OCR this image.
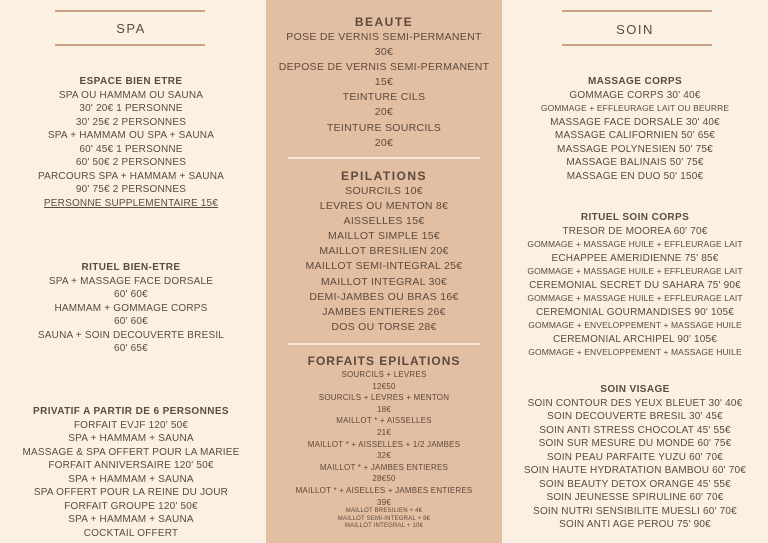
SPA
ESPACE BIEN ETRE
SPA OU HAMMAM OU SAUNA
30' 20€ 1 PERSONNE
30' 25€ 2 PERSONNES
SPA + HAMMAM OU SPA + SAUNA
60' 45€ 1 PERSONNE
60' 50€ 2 PERSONNES
PARCOURS SPA + HAMMAM + SAUNA
90' 75€ 2 PERSONNES
PERSONNE SUPPLEMENTAIRE 15€
RITUEL BIEN-ETRE
SPA + MASSAGE FACE DORSALE
60' 60€
HAMMAM + GOMMAGE CORPS
60' 60€
SAUNA + SOIN DECOUVERTE BRESIL
60' 65€
PRIVATIF A PARTIR DE 6 PERSONNES
FORFAIT EVJF 120' 50€
SPA + HAMMAM + SAUNA
MASSAGE & SPA OFFERT POUR LA MARIEE
FORFAIT ANNIVERSAIRE 120' 50€
SPA + HAMMAM + SAUNA
SPA OFFERT POUR LA REINE DU JOUR
FORFAIT GROUPE 120' 50€
SPA + HAMMAM + SAUNA
COCKTAIL OFFERT
BEAUTE
POSE DE VERNIS SEMI-PERMANENT
30€
DEPOSE DE VERNIS SEMI-PERMANENT
15€
TEINTURE CILS
20€
TEINTURE SOURCILS
20€
EPILATIONS
SOURCILS 10€
LEVRES OU MENTON 8€
AISSELLES 15€
MAILLOT SIMPLE 15€
MAILLOT BRESILIEN 20€
MAILLOT SEMI-INTEGRAL 25€
MAILLOT INTEGRAL 30€
DEMI-JAMBES OU BRAS 16€
JAMBES ENTIERES 26€
DOS OU TORSE 28€
FORFAITS EPILATIONS
SOURCILS + LEVRES
12€50
SOURCILS + LEVRES + MENTON
18€
MAILLOT * + AISSELLES
21€
MAILLOT * + AISSELLES + 1/2 JAMBES
32€
MAILLOT * + JAMBES ENTIERES
28€50
MAILLOT * + AISELLES + JAMBES ENTIERES
39€
MAILLOT BRESILIEN + 4€
MAILLOT SEMI-INTEGRAL + 8€
MAILLOT INTEGRAL + 10€
SOIN
MASSAGE CORPS
GOMMAGE CORPS 30' 40€
GOMMAGE + EFFLEURAGE LAIT OU BEURRE
MASSAGE FACE DORSALE 30' 40€
MASSAGE CALIFORNIEN 50' 65€
MASSAGE POLYNESIEN 50' 75€
MASSAGE BALINAIS 50' 75€
MASSAGE EN DUO 50' 150€
RITUEL SOIN CORPS
TRESOR DE MOOREA 60' 70€
GOMMAGE + MASSAGE HUILE + EFFLEURAGE LAIT
ECHAPPEE AMERIDIENNE 75' 85€
GOMMAGE + MASSAGE HUILE + EFFLEURAGE LAIT
CEREMONIAL SECRET DU SAHARA 75' 90€
GOMMAGE + MASSAGE HUILE + EFFLEURAGE LAIT
CEREMONIAL GOURMANDISES 90' 105€
GOMMAGE + ENVELOPPEMENT + MASSAGE HUILE
CEREMONIAL ARCHIPEL 90' 105€
GOMMAGE + ENVELOPPEMENT + MASSAGE HUILE
SOIN VISAGE
SOIN CONTOUR DES YEUX BLEUET 30' 40€
SOIN DECOUVERTE BRESIL 30' 45€
SOIN ANTI STRESS CHOCOLAT 45' 55€
SOIN SUR MESURE DU MONDE 60' 75€
SOIN PEAU PARFAITE YUZU 60' 70€
SOIN HAUTE HYDRATATION BAMBOU 60' 70€
SOIN BEAUTY DETOX ORANGE 45' 55€
SOIN JEUNESSE SPIRULINE 60' 70€
SOIN NUTRI SENSIBILITE MUESLI 60' 70€
SOIN ANTI AGE PEROU 75' 90€
